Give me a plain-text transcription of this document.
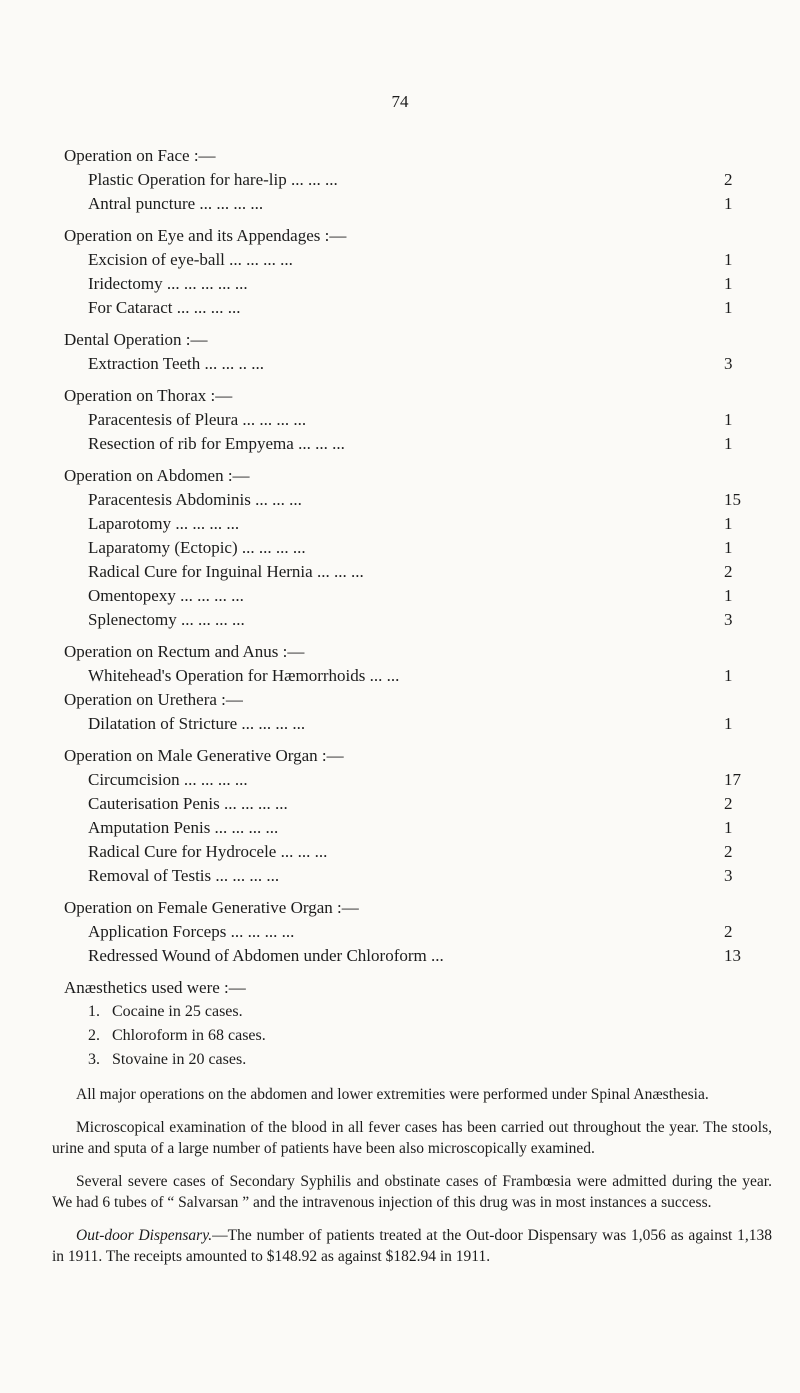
74

Operation on Face :—

Plastic Operation for hare-lip ... ... ...	2
Antral puncture ... ... ... ...	1

Operation on Eye and its Appendages :—

Excision of eye-ball ... ... ... ...	1
Iridectomy ... ... ... ... ...	1
For Cataract ... ... ... ...	1

Dental Operation :—

Extraction Teeth ... ... .. ...	3

Operation on Thorax :—

Paracentesis of Pleura ... ... ... ...	1
Resection of rib for Empyema ... ... ...	1

Operation on Abdomen :—

Paracentesis Abdominis ... ... ...	15
Laparotomy ... ... ... ...	1
Laparatomy (Ectopic) ... ... ... ...	1
Radical Cure for Inguinal Hernia ... ... ...	2
Omentopexy ... ... ... ...	1
Splenectomy ... ... ... ...	3

Operation on Rectum and Anus :—

Whitehead's Operation for Hæmorrhoids ... ...	1

Operation on Urethera :—

Dilatation of Stricture ... ... ... ...	1

Operation on Male Generative Organ :—

Circumcision ... ... ... ...	17
Cauterisation Penis ... ... ... ...	2
Amputation Penis ... ... ... ...	1
Radical Cure for Hydrocele ... ... ...	2
Removal of Testis ... ... ... ...	3

Operation on Female Generative Organ :—

Application Forceps ... ... ... ...	2
Redressed Wound of Abdomen under Chloroform ...	13

Anæsthetics used were :—

1. Cocaine in 25 cases.
2. Chloroform in 68 cases.
3. Stovaine in 20 cases.

All major operations on the abdomen and lower extremities were performed under Spinal Anæsthesia.

Microscopical examination of the blood in all fever cases has been carried out throughout the year. The stools, urine and sputa of a large number of patients have been also microscopically examined.

Several severe cases of Secondary Syphilis and obstinate cases of Frambœsia were admitted during the year. We had 6 tubes of “ Salvarsan ” and the intravenous injection of this drug was in most instances a success.

Out-door Dispensary.—The number of patients treated at the Out-door Dispensary was 1,056 as against 1,138 in 1911. The receipts amounted to $148.92 as against $182.94 in 1911.
